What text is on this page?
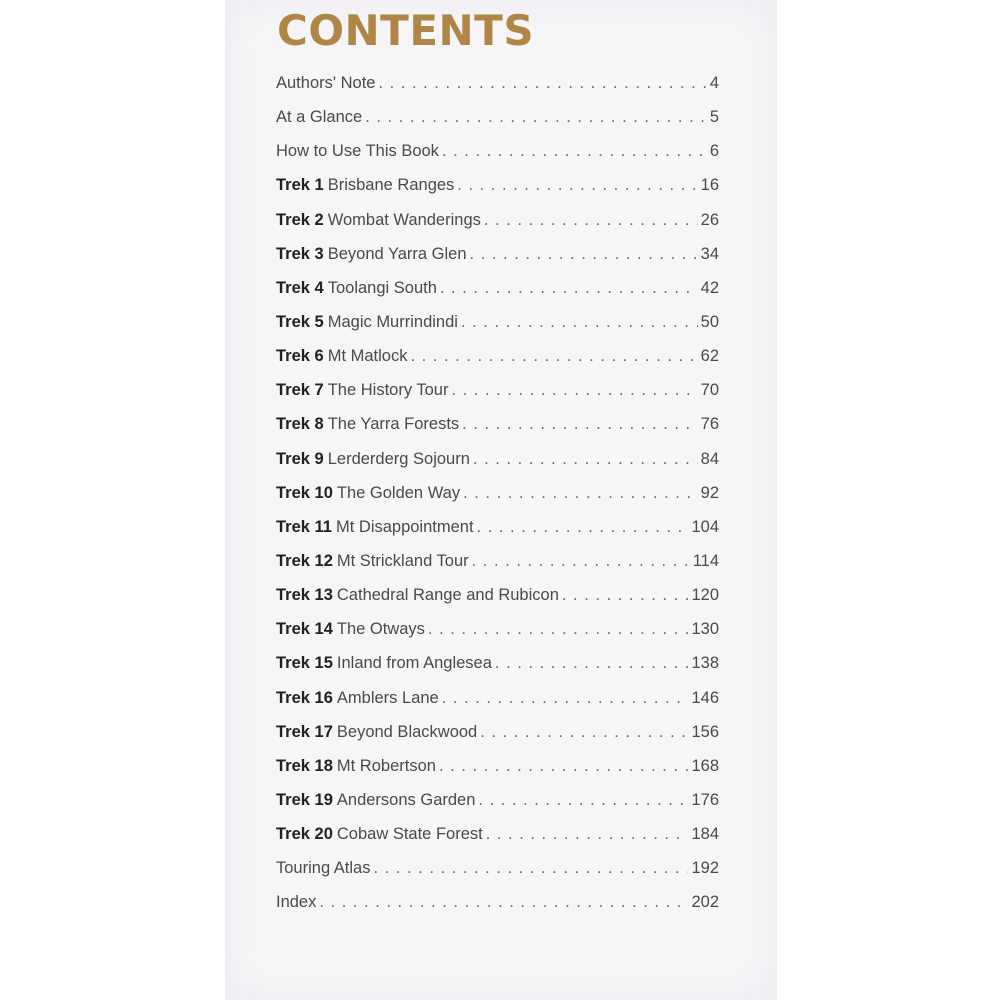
CONTENTS
Authors' Note . . .	4
At a Glance . . .	5
How to Use This Book . . .	6
Trek 1 Brisbane Ranges . . .	16
Trek 2 Wombat Wanderings . . .	26
Trek 3 Beyond Yarra Glen . . .	34
Trek 4 Toolangi South . . .	42
Trek 5 Magic Murrindindi . . .	50
Trek 6 Mt Matlock . . .	62
Trek 7 The History Tour . . .	70
Trek 8 The Yarra Forests . . .	76
Trek 9 Lerderderg Sojourn . . .	84
Trek 10 The Golden Way . . .	92
Trek 11 Mt Disappointment . . .	104
Trek 12 Mt Strickland Tour . . .	114
Trek 13 Cathedral Range and Rubicon . . .	120
Trek 14 The Otways . . .	130
Trek 15 Inland from Anglesea . . .	138
Trek 16 Amblers Lane . . .	146
Trek 17 Beyond Blackwood . . .	156
Trek 18 Mt Robertson . . .	168
Trek 19 Andersons Garden . . .	176
Trek 20 Cobaw State Forest . . .	184
Touring Atlas . . .	192
Index . . .	202
